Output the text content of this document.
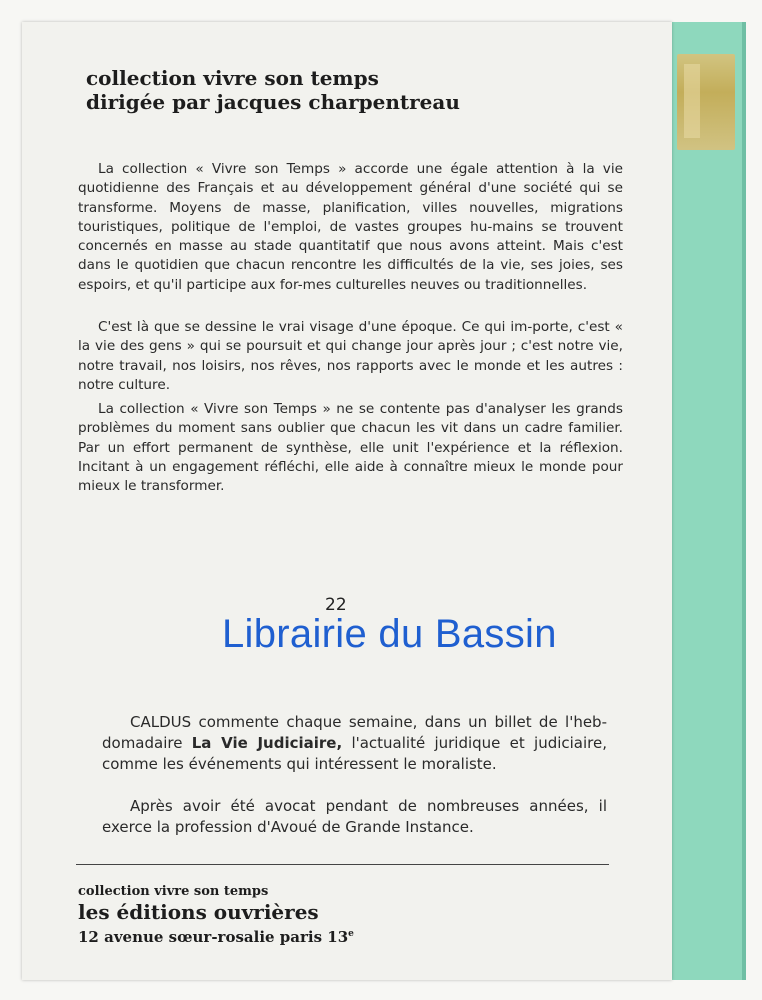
collection vivre son temps
dirigée par jacques charpentreau

La collection « Vivre son Temps » accorde une égale attention à la vie quotidienne des Français et au développement général d'une société qui se transforme. Moyens de masse, planification, villes nouvelles, migrations touristiques, politique de l'emploi, de vastes groupes hu-mains se trouvent concernés en masse au stade quantitatif que nous avons atteint. Mais c'est dans le quotidien que chacun rencontre les difficultés de la vie, ses joies, ses espoirs, et qu'il participe aux for-mes culturelles neuves ou traditionnelles.

C'est là que se dessine le vrai visage d'une époque. Ce qui im-porte, c'est « la vie des gens » qui se poursuit et qui change jour après jour ; c'est notre vie, notre travail, nos loisirs, nos rêves, nos rapports avec le monde et les autres : notre culture.

La collection « Vivre son Temps » ne se contente pas d'analyser les grands problèmes du moment sans oublier que chacun les vit dans un cadre familier. Par un effort permanent de synthèse, elle unit l'expérience et la réflexion. Incitant à un engagement réfléchi, elle aide à connaître mieux le monde pour mieux le transformer.

22
Librairie du Bassin

CALDUS commente chaque semaine, dans un billet de l'heb-domadaire La Vie Judiciaire, l'actualité juridique et judiciaire, comme les événements qui intéressent le moraliste.

Après avoir été avocat pendant de nombreuses années, il exerce la profession d'Avoué de Grande Instance.

collection vivre son temps
les éditions ouvrières
12 avenue sœur-rosalie paris 13e
